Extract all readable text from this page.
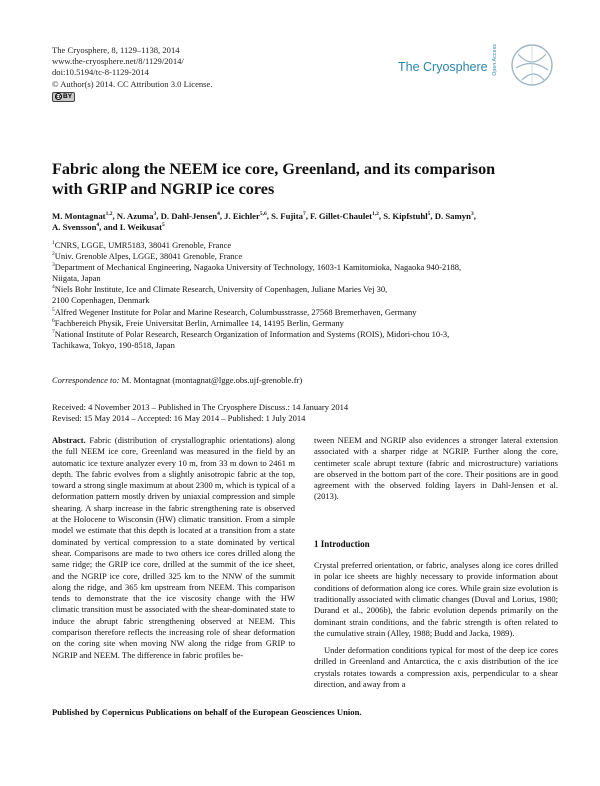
The Cryosphere, 8, 1129–1138, 2014
www.the-cryosphere.net/8/1129/2014/
doi:10.5194/tc-8-1129-2014
© Author(s) 2014. CC Attribution 3.0 License.
cc BY
Open Access
The Cryosphere
Fabric along the NEEM ice core, Greenland, and its comparison
with GRIP and NGRIP ice cores
M. Montagnat$^{1,2}$, N. Azuma$^3$, D. Dahl-Jensen$^4$, J. Eichler$^{5,6}$, S. Fujita$^7$, F. Gillet-Chaulet$^{1,2}$, S. Kipfstuhl$^5$, D. Samyn$^3$,
A. Svensson$^4$, and I. Weikusat$^5$
$^1$CNRS, LGGE, UMR5183, 38041 Grenoble, France
$^2$Univ. Grenoble Alpes, LGGE, 38041 Grenoble, France
$^3$Department of Mechanical Engineering, Nagaoka University of Technology, 1603-1 Kamitomioka, Nagaoka 940-2188,
Niigata, Japan
$^4$Niels Bohr Institute, Ice and Climate Research, University of Copenhagen, Juliane Maries Vej 30,
2100 Copenhagen, Denmark
$^5$Alfred Wegener Institute for Polar and Marine Research, Columbusstrasse, 27568 Bremerhaven, Germany
$^6$Fachbereich Physik, Freie Universitat Berlin, Arnimallee 14, 14195 Berlin, Germany
$^7$National Institute of Polar Research, Research Organization of Information and Systems (ROIS), Midori-chou 10-3,
Tachikawa, Tokyo, 190-8518, Japan
Correspondence to: M. Montagnat (montagnat@lgge.obs.ujf-grenoble.fr)
Received: 4 November 2013 – Published in The Cryosphere Discuss.: 14 January 2014
Revised: 15 May 2014 – Accepted: 16 May 2014 – Published: 1 July 2014

Abstract. Fabric (distribution of crystallographic orientations) along the full NEEM ice core, Greenland was measured in the field by an automatic ice texture analyzer every 10 m, from 33 m down to 2461 m depth. The fabric evolves from a slightly anisotropic fabric at the top, toward a strong single maximum at about 2300 m, which is typical of a deformation pattern mostly driven by uniaxial compression and simple shearing. A sharp increase in the fabric strengthening rate is observed at the Holocene to Wisconsin (HW) climatic transition. From a simple model we estimate that this depth is located at a transition from a state dominated by vertical compression to a state dominated by vertical shear. Comparisons are made to two others ice cores drilled along the same ridge; the GRIP ice core, drilled at the summit of the ice sheet, and the NGRIP ice core, drilled 325 km to the NNW of the summit along the ridge, and 365 km upstream from NEEM. This comparison tends to demonstrate that the ice viscosity change with the HW climatic transition must be associated with the shear-dominated state to induce the abrupt fabric strengthening observed at NEEM. This comparison therefore reflects the increasing role of shear deformation on the coring site when moving NW along the ridge from GRIP to NGRIP and NEEM. The difference in fabric profiles be-

tween NEEM and NGRIP also evidences a stronger lateral extension associated with a sharper ridge at NGRIP. Further along the core, centimeter scale abrupt texture (fabric and microstructure) variations are observed in the bottom part of the core. Their positions are in good agreement with the observed folding layers in Dahl-Jensen et al. (2013).

1 Introduction

Crystal preferred orientation, or fabric, analyses along ice cores drilled in polar ice sheets are highly necessary to provide information about conditions of deformation along ice cores. While grain size evolution is traditionally associated with climatic changes (Duval and Lorius, 1980; Durand et al., 2006b), the fabric evolution depends primarily on the dominant strain conditions, and the fabric strength is often related to the cumulative strain (Alley, 1988; Budd and Jacka, 1989).

Under deformation conditions typical for most of the deep ice cores drilled in Greenland and Antarctica, the c axis distribution of the ice crystals rotates towards a compression axis, perpendicular to a shear direction, and away from a

Published by Copernicus Publications on behalf of the European Geosciences Union.
